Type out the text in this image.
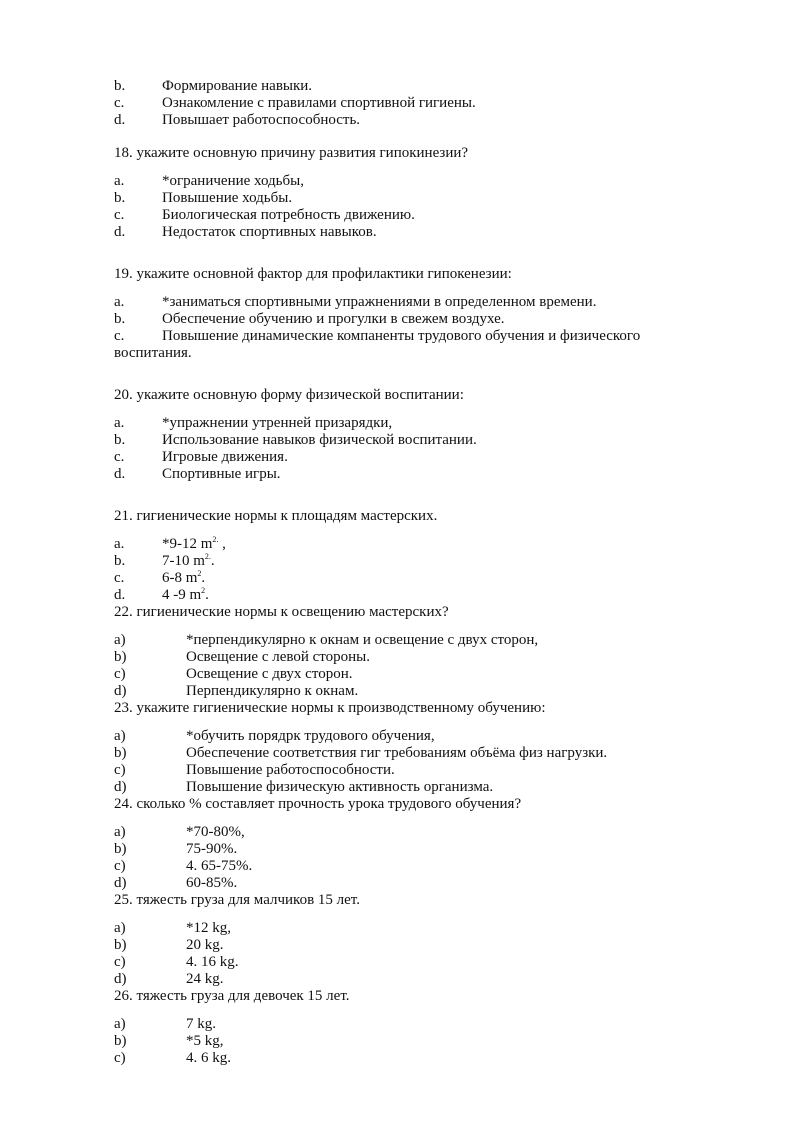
b. Формирование навыки.
c.	Ознакомление с правилами спортивной гигиены.
d. Повышает работоспособность.
18. укажите основную причину развития гипокинезии?
a.	*ограничение ходьбы,
b. Повышение ходьбы.
c.	Биологическая потребность движению.
d. Недостаток спортивных навыков.
19. укажите основной фактор для профилактики гипокенезии:
a.	*заниматься спортивными упражнениями в определенном времени.
b. Обеспечение обучению и прогулки в свежем воздухе.
c.	Повышение динамические компаненты трудового обучения и физического
воспитания.
20. укажите основную форму физической воспитании:
a.	*упражнении утренней призарядки,
b. Использование навыков физической воспитании.
c.	Игровые движения.
d. Спортивные игры.
21. гигиенические нормы к площадям мастерских.
a.	*9-12 $m^{2.}$ ,
b. 7-10 $m^{2.}$.
c.	6-8 $m^2$.
d. 4 -9 $m^2$.
22. гигиенические нормы к освещению мастерских?
a)	*перпендикулярно к окнам и освещение с двух сторон,
b)	Освещение с левой стороны.
c)	Освещение с двух сторон.
d)	Перпендикулярно к окнам.
23. укажите гигиенические нормы к производственному обучению:
a)	*обучить порядрк трудового обучения,
b)	Обеспечение соответствия гиг требованиям объёма физ нагрузки.
c)	Повышение работоспособности.
d)	Повышение физическую активность организма.
24. сколько % составляет прочность урока трудового обучения?
a)	*70-80%,
b)	75-90%.
c)	4. 65-75%.
d)	60-85%.
25. тяжесть груза для малчиков 15 лет.
a)	*12 kg,
b)	20 kg.
c)	4. 16 kg.
d)	24 kg.
26. тяжесть груза для девочек 15 лет.
a)	7 kg.
b)	*5 kg,
c)	4. 6 kg.
